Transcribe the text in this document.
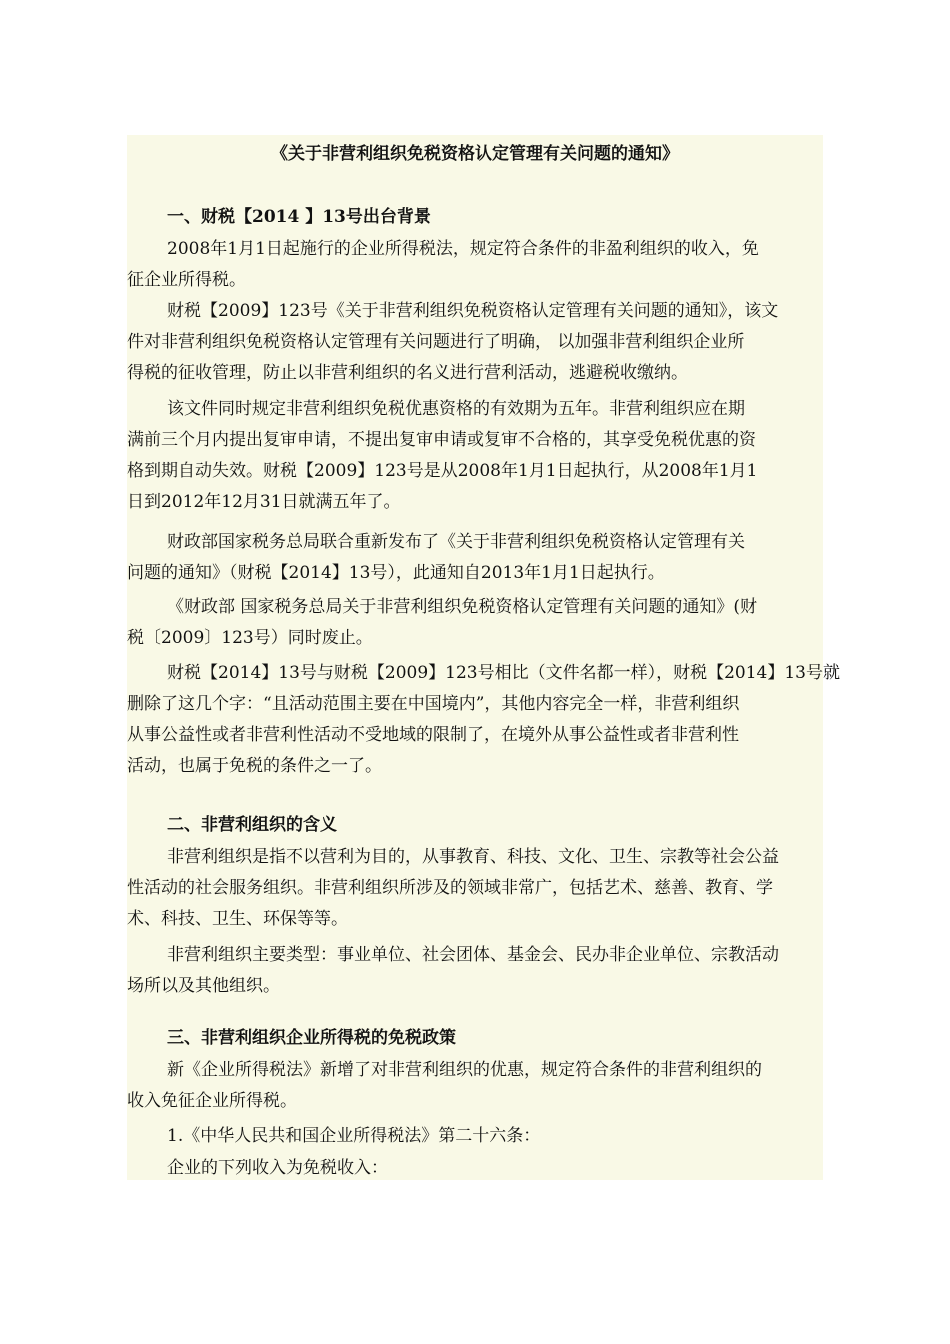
《关于非营利组织免税资格认定管理有关问题的通知》
一、财税【2014 】13号出台背景

2008年1月1日起施行的企业所得税法，规定符合条件的非盈利组织的收入，免
征企业所得税。

财税【2009】123号《关于非营利组织免税资格认定管理有关问题的通知》，该文
件对非营利组织免税资格认定管理有关问题进行了明确， 以加强非营利组织企业所
得税的征收管理，防止以非营利组织的名义进行营利活动，逃避税收缴纳。

该文件同时规定非营利组织免税优惠资格的有效期为五年。非营利组织应在期
满前三个月内提出复审申请，不提出复审申请或复审不合格的，其享受免税优惠的资
格到期自动失效。财税【2009】123号是从2008年1月1日起执行，从2008年1月1
日到2012年12月31日就满五年了。

财政部国家税务总局联合重新发布了《关于非营利组织免税资格认定管理有关
问题的通知》（财税【2014】13号），此通知自2013年1月1日起执行。

《财政部 国家税务总局关于非营利组织免税资格认定管理有关问题的通知》(财
税〔2009〕123号）同时废止。

财税【2014】13号与财税【2009】123号相比（文件名都一样），财税【2014】13号就
删除了这几个字：“且活动范围主要在中国境内”，其他内容完全一样，非营利组织
从事公益性或者非营利性活动不受地域的限制了，在境外从事公益性或者非营利性
活动，也属于免税的条件之一了。

二、非营利组织的含义

非营利组织是指不以营利为目的，从事教育、科技、文化、卫生、宗教等社会公益
性活动的社会服务组织。非营利组织所涉及的领域非常广，包括艺术、慈善、教育、学
术、科技、卫生、环保等等。

非营利组织主要类型：事业单位、社会团体、基金会、民办非企业单位、宗教活动
场所以及其他组织。

三、非营利组织企业所得税的免税政策

新《企业所得税法》新增了对非营利组织的优惠，规定符合条件的非营利组织的
收入免征企业所得税。

1.《中华人民共和国企业所得税法》第二十六条：

企业的下列收入为免税收入：
